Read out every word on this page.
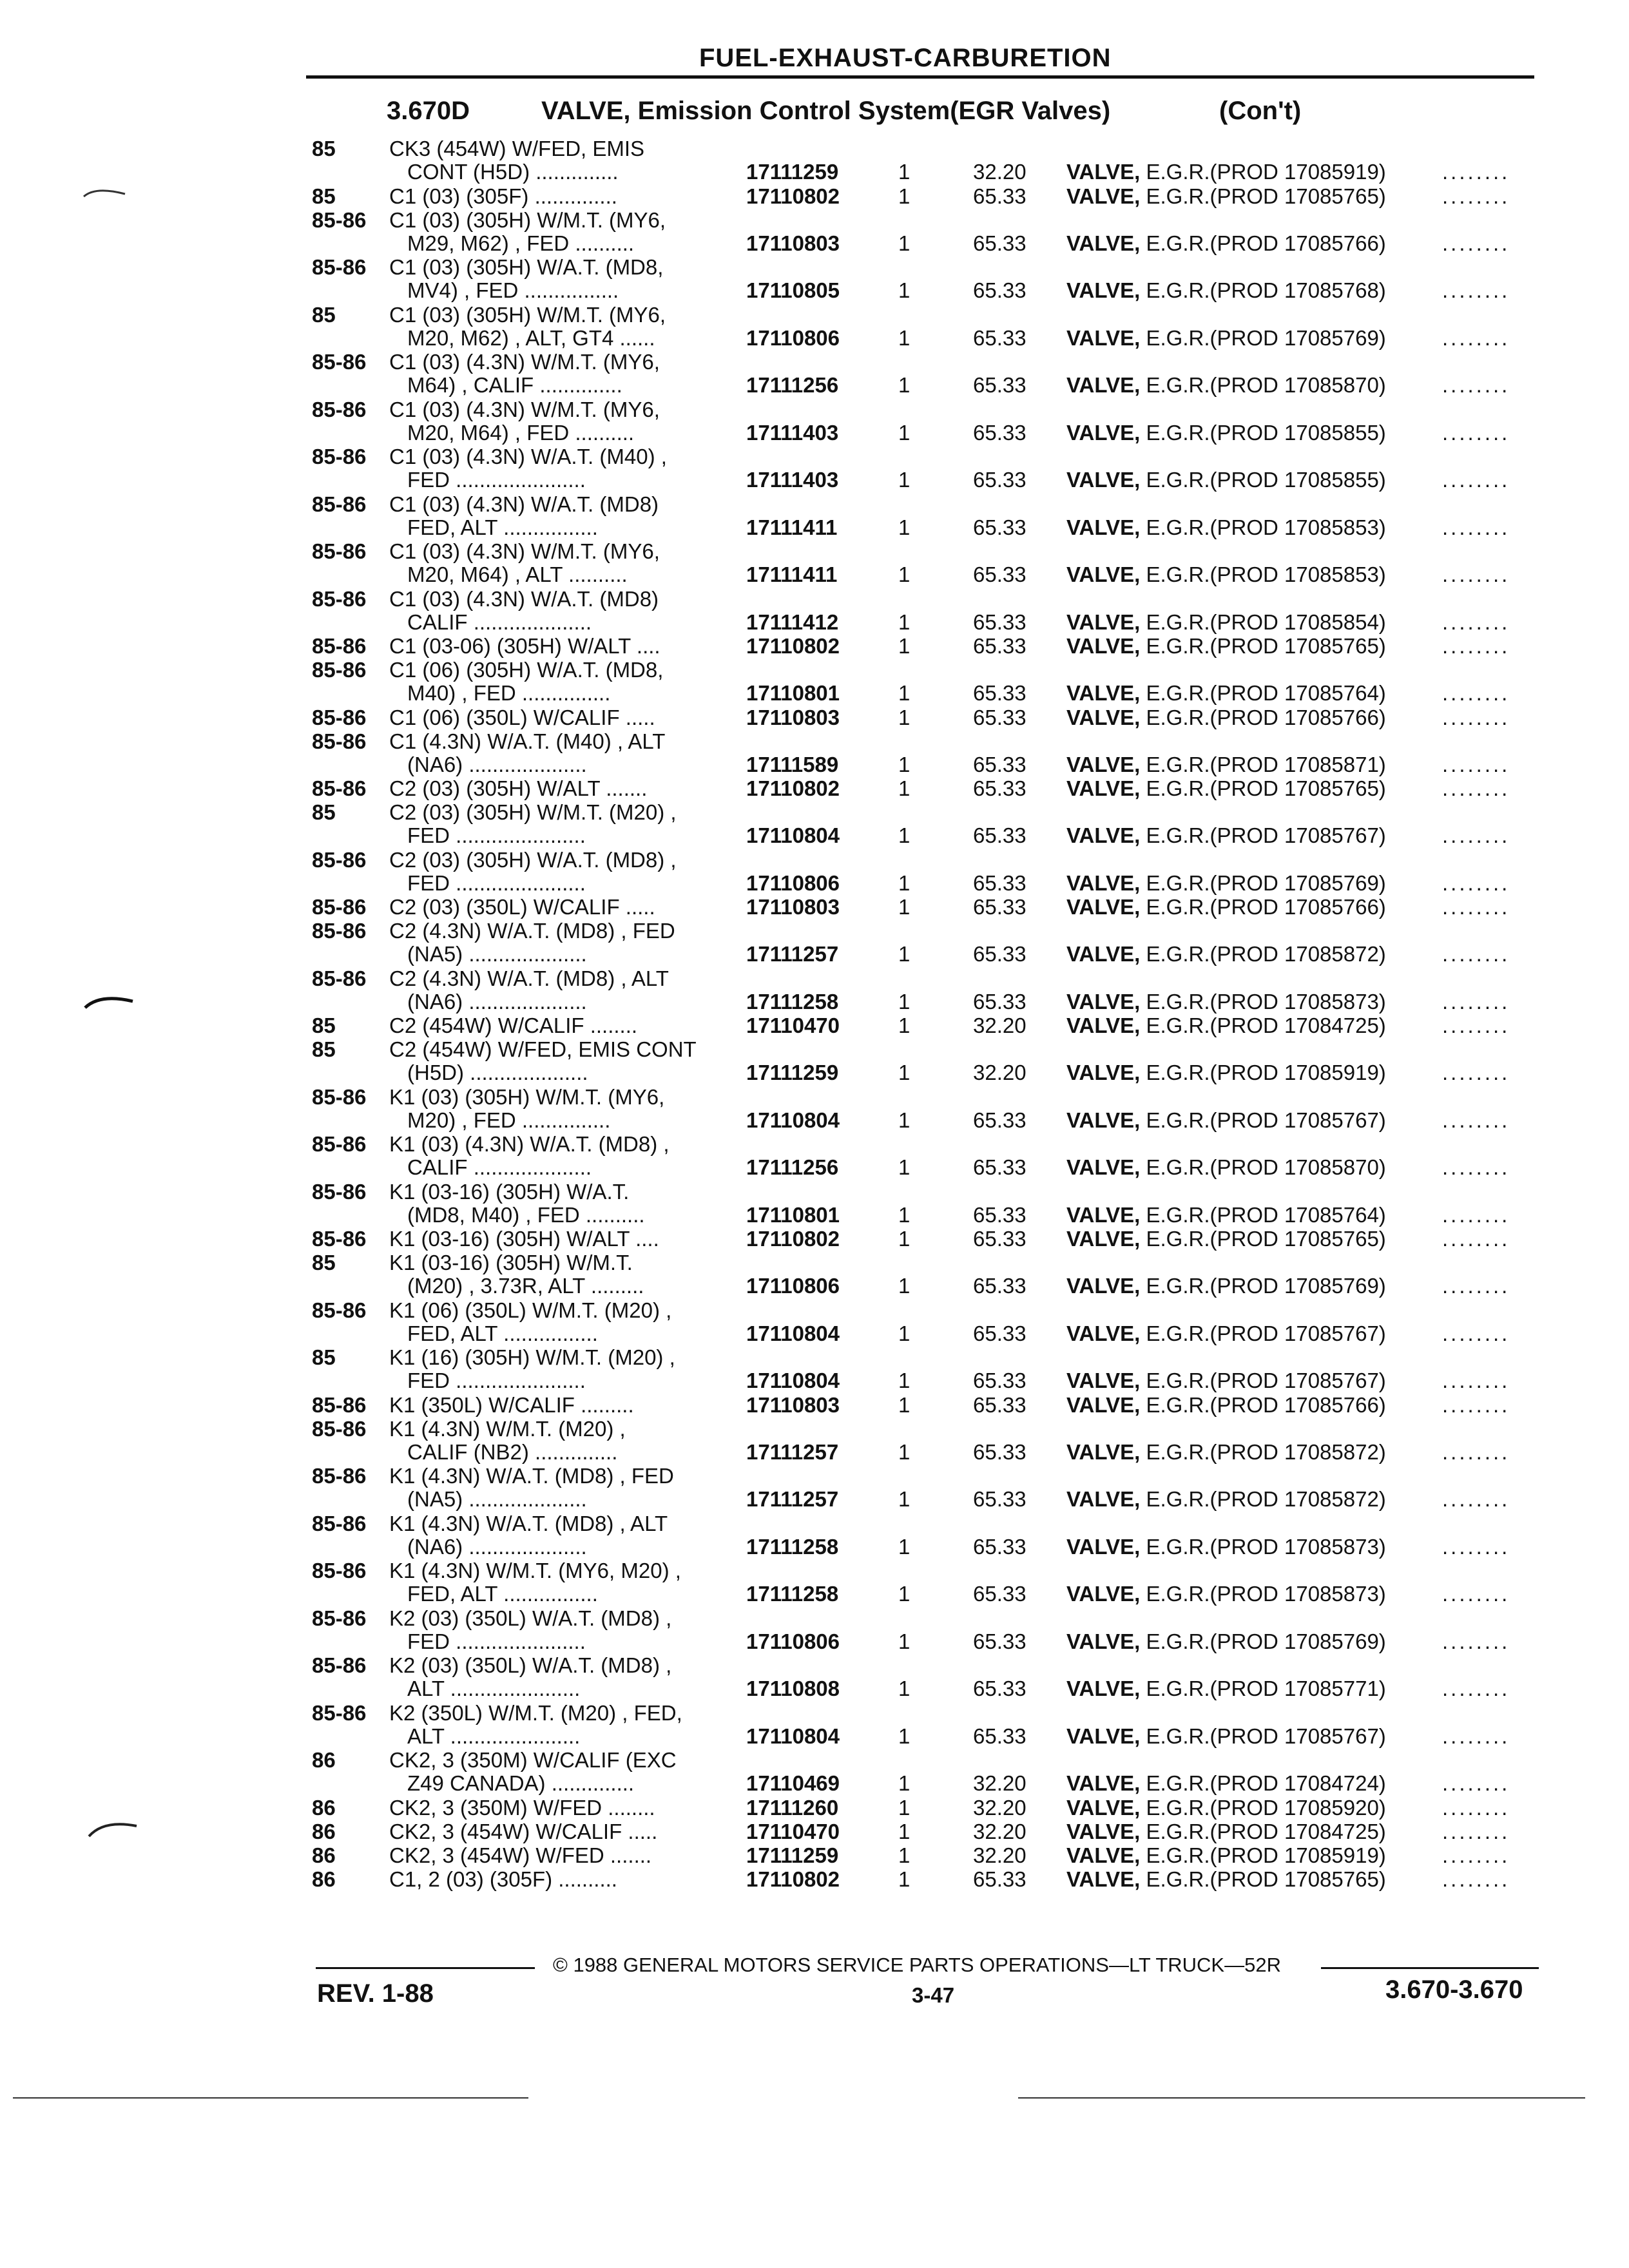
FUEL-EXHAUST-CARBURETION
3.670D	VALVE, Emission Control System(EGR Valves)	(Con't)
85	CK3 (454W) W/FED, EMIS
CONT (H5D) ..............	17111259	1	32.20 VALVE, E.G.R.(PROD 17085919)	........
85	C1 (03) (305F) ..............	17110802	1	65.33 VALVE, E.G.R.(PROD 17085765)	........
85-86 C1 (03) (305H) W/M.T. (MY6,
M29, M62) , FED ..........	17110803	1	65.33 VALVE, E.G.R.(PROD 17085766)	........
85-86 C1 (03) (305H) W/A.T. (MD8,
MV4) , FED ................	17110805	1	65.33 VALVE, E.G.R.(PROD 17085768)	........
85	C1 (03) (305H) W/M.T. (MY6,
M20, M62) , ALT, GT4 ......	17110806	1	65.33 VALVE, E.G.R.(PROD 17085769)	........
85-86 C1 (03) (4.3N) W/M.T. (MY6,
M64) , CALIF ..............	17111256	1	65.33 VALVE, E.G.R.(PROD 17085870)	........
85-86 C1 (03) (4.3N) W/M.T. (MY6,
M20, M64) , FED ..........	17111403	1	65.33 VALVE, E.G.R.(PROD 17085855)	........
85-86 C1 (03) (4.3N) W/A.T. (M40) ,
FED ......................	17111403	1	65.33 VALVE, E.G.R.(PROD 17085855)	........
85-86 C1 (03) (4.3N) W/A.T. (MD8)
FED, ALT ................	17111411	1	65.33 VALVE, E.G.R.(PROD 17085853)	........
85-86 C1 (03) (4.3N) W/M.T. (MY6,
M20, M64) , ALT ..........	17111411	1	65.33 VALVE, E.G.R.(PROD 17085853)	........
85-86 C1 (03) (4.3N) W/A.T. (MD8)
CALIF ....................	17111412	1	65.33 VALVE, E.G.R.(PROD 17085854)	........
85-86 C1 (03-06) (305H) W/ALT ....	17110802	1	65.33 VALVE, E.G.R.(PROD 17085765)	........
85-86 C1 (06) (305H) W/A.T. (MD8,
M40) , FED ...............	17110801	1	65.33 VALVE, E.G.R.(PROD 17085764)	........
85-86 C1 (06) (350L) W/CALIF .....	17110803	1	65.33 VALVE, E.G.R.(PROD 17085766)	........
85-86 C1 (4.3N) W/A.T. (M40) , ALT
(NA6) ....................	17111589	1	65.33 VALVE, E.G.R.(PROD 17085871)	........
85-86 C2 (03) (305H) W/ALT .......	17110802	1	65.33 VALVE, E.G.R.(PROD 17085765)	........
85	C2 (03) (305H) W/M.T. (M20) ,
FED ......................	17110804	1	65.33 VALVE, E.G.R.(PROD 17085767)	........
85-86 C2 (03) (305H) W/A.T. (MD8) ,
FED ......................	17110806	1	65.33 VALVE, E.G.R.(PROD 17085769)	........
85-86 C2 (03) (350L) W/CALIF .....	17110803	1	65.33 VALVE, E.G.R.(PROD 17085766)	........
85-86 C2 (4.3N) W/A.T. (MD8) , FED
(NA5) ....................	17111257	1	65.33 VALVE, E.G.R.(PROD 17085872)	........
85-86 C2 (4.3N) W/A.T. (MD8) , ALT
(NA6) ....................	17111258	1	65.33 VALVE, E.G.R.(PROD 17085873)	........
85	C2 (454W) W/CALIF ........	17110470	1	32.20 VALVE, E.G.R.(PROD 17084725)	........
85	C2 (454W) W/FED, EMIS CONT
(H5D) ....................	17111259	1	32.20 VALVE, E.G.R.(PROD 17085919)	........
85-86 K1 (03) (305H) W/M.T. (MY6,
M20) , FED ...............	17110804	1	65.33 VALVE, E.G.R.(PROD 17085767)	........
85-86 K1 (03) (4.3N) W/A.T. (MD8) ,
CALIF ....................	17111256	1	65.33 VALVE, E.G.R.(PROD 17085870)	........
85-86 K1 (03-16) (305H) W/A.T.
(MD8, M40) , FED ..........	17110801	1	65.33 VALVE, E.G.R.(PROD 17085764)	........
85-86 K1 (03-16) (305H) W/ALT ....	17110802	1	65.33 VALVE, E.G.R.(PROD 17085765)	........
85	K1 (03-16) (305H) W/M.T.
(M20) , 3.73R, ALT .........	17110806	1	65.33 VALVE, E.G.R.(PROD 17085769)	........
85-86 K1 (06) (350L) W/M.T. (M20) ,
FED, ALT ................	17110804	1	65.33 VALVE, E.G.R.(PROD 17085767)	........
85	K1 (16) (305H) W/M.T. (M20) ,
FED ......................	17110804	1	65.33 VALVE, E.G.R.(PROD 17085767)	........
85-86 K1 (350L) W/CALIF .........	17110803	1	65.33 VALVE, E.G.R.(PROD 17085766)	........
85-86 K1 (4.3N) W/M.T. (M20) ,
CALIF (NB2) ..............	17111257	1	65.33 VALVE, E.G.R.(PROD 17085872)	........
85-86 K1 (4.3N) W/A.T. (MD8) , FED
(NA5) ....................	17111257	1	65.33 VALVE, E.G.R.(PROD 17085872)	........
85-86 K1 (4.3N) W/A.T. (MD8) , ALT
(NA6) ....................	17111258	1	65.33 VALVE, E.G.R.(PROD 17085873)	........
85-86 K1 (4.3N) W/M.T. (MY6, M20) ,
FED, ALT ................	17111258	1	65.33 VALVE, E.G.R.(PROD 17085873)	........
85-86 K2 (03) (350L) W/A.T. (MD8) ,
FED ......................	17110806	1	65.33 VALVE, E.G.R.(PROD 17085769)	........
85-86 K2 (03) (350L) W/A.T. (MD8) ,
ALT ......................	17110808	1	65.33 VALVE, E.G.R.(PROD 17085771)	........
85-86 K2 (350L) W/M.T. (M20) , FED,
ALT ......................	17110804	1	65.33 VALVE, E.G.R.(PROD 17085767)	........
86	CK2, 3 (350M) W/CALIF (EXC
Z49 CANADA) ..............	17110469	1	32.20 VALVE, E.G.R.(PROD 17084724)	........
86	CK2, 3 (350M) W/FED ........	17111260	1	32.20 VALVE, E.G.R.(PROD 17085920)	........
86	CK2, 3 (454W) W/CALIF .....	17110470	1	32.20 VALVE, E.G.R.(PROD 17084725)	........
86	CK2, 3 (454W) W/FED .......	17111259	1	32.20 VALVE, E.G.R.(PROD 17085919)	........
86	C1, 2 (03) (305F) ..........	17110802	1	65.33 VALVE, E.G.R.(PROD 17085765)	........
© 1988 GENERAL MOTORS SERVICE PARTS OPERATIONS—LT TRUCK—52R
REV. 1-88	3-47	3.670-3.670
